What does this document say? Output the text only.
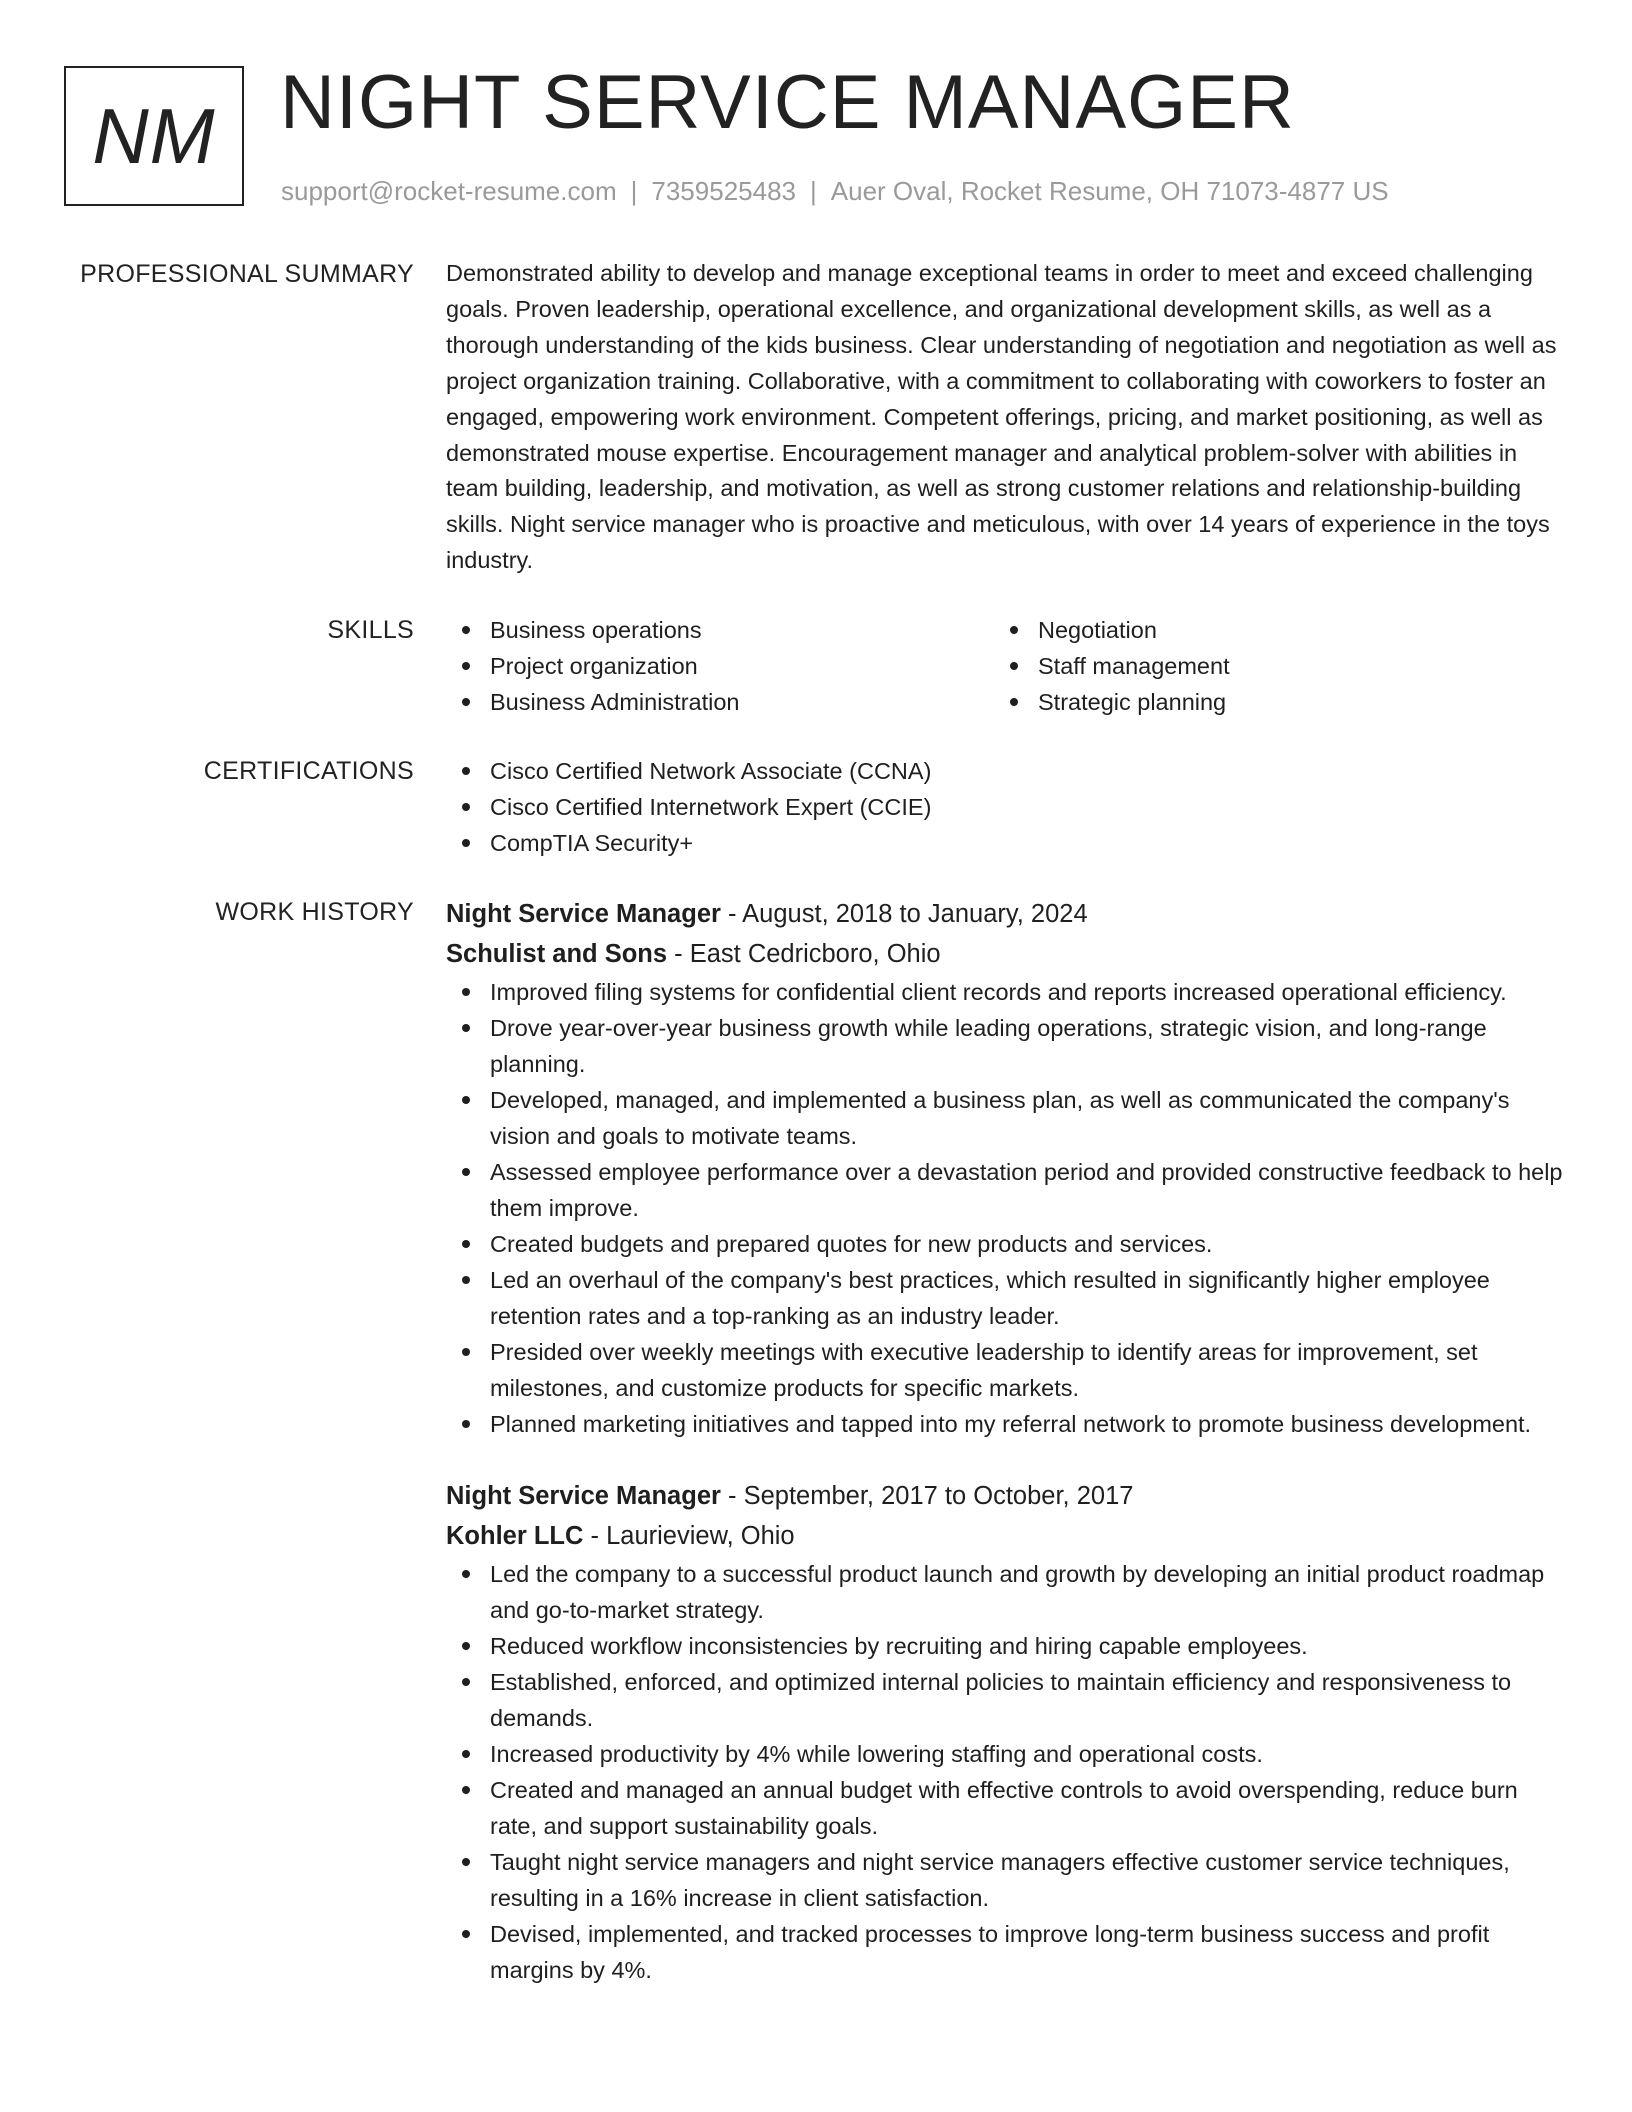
NM NIGHT SERVICE MANAGER
support@rocket-resume.com | 7359525483 | Auer Oval, Rocket Resume, OH 71073-4877 US
PROFESSIONAL SUMMARY Demonstrated ability to develop and manage exceptional teams in order to meet and exceed challenging goals. Proven leadership, operational excellence, and organizational development skills, as well as a thorough understanding of the kids business. Clear understanding of negotiation and negotiation as well as project organization training. Collaborative, with a commitment to collaborating with coworkers to foster an engaged, empowering work environment. Competent offerings, pricing, and market positioning, as well as demonstrated mouse expertise. Encouragement manager and analytical problem-solver with abilities in team building, leadership, and motivation, as well as strong customer relations and relationship-building skills. Night service manager who is proactive and meticulous, with over 14 years of experience in the toys industry.

SKILLS	Business operations
Project organization
Business Administration
Negotiation
Staff management
Strategic planning
CERTIFICATIONS	Cisco Certified Network Associate (CCNA)
Cisco Certified Internetwork Expert (CCIE)
CompTIA Security+
WORK HISTORY Night Service Manager - August, 2018 to January, 2024
Schulist and Sons - East Cedricboro, Ohio
Improved filing systems for confidential client records and reports increased operational efficiency.
Drove year-over-year business growth while leading operations, strategic vision, and long-range planning.
Developed, managed, and implemented a business plan, as well as communicated the company's vision and goals to motivate teams.
Assessed employee performance over a devastation period and provided constructive feedback to help them improve.
Created budgets and prepared quotes for new products and services.
Led an overhaul of the company's best practices, which resulted in significantly higher employee retention rates and a top-ranking as an industry leader.
Presided over weekly meetings with executive leadership to identify areas for improvement, set milestones, and customize products for specific markets.
Planned marketing initiatives and tapped into my referral network to promote business development.
Night Service Manager - September, 2017 to October, 2017
Kohler LLC - Laurieview, Ohio
Led the company to a successful product launch and growth by developing an initial product roadmap and go-to-market strategy.
Reduced workflow inconsistencies by recruiting and hiring capable employees.
Established, enforced, and optimized internal policies to maintain efficiency and responsiveness to demands.
Increased productivity by 4% while lowering staffing and operational costs.
Created and managed an annual budget with effective controls to avoid overspending, reduce burn rate, and support sustainability goals.
Taught night service managers and night service managers effective customer service techniques, resulting in a 16% increase in client satisfaction.
Devised, implemented, and tracked processes to improve long-term business success and profit margins by 4%.
